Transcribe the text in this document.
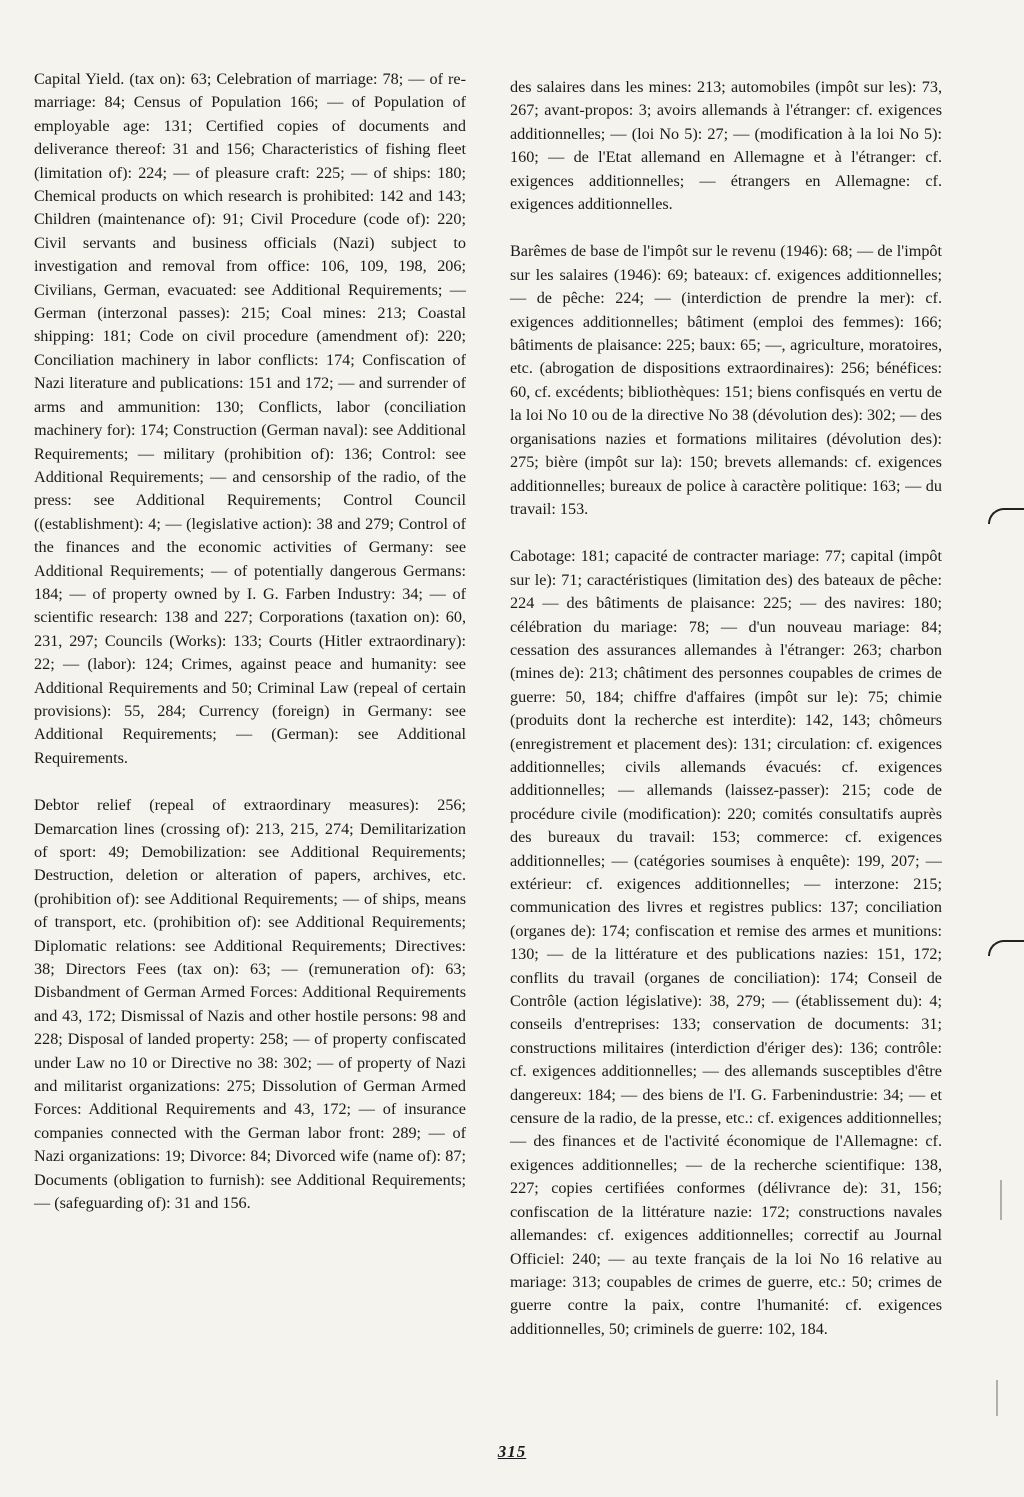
Capital Yield. (tax on): 63; Celebration of marriage: 78; — of re-marriage: 84; Census of Population 166; — of Population of employable age: 131; Certified copies of documents and deliverance thereof: 31 and 156; Characteristics of fishing fleet (limitation of): 224; — of pleasure craft: 225; — of ships: 180; Chemical products on which research is prohibited: 142 and 143; Children (maintenance of): 91; Civil Procedure (code of): 220; Civil servants and business officials (Nazi) subject to investigation and removal from office: 106, 109, 198, 206; Civilians, German, evacuated: see Additional Requirements; — German (interzonal passes): 215; Coal mines: 213; Coastal shipping: 181; Code on civil procedure (amendment of): 220; Conciliation machinery in labor conflicts: 174; Confiscation of Nazi literature and publications: 151 and 172; — and surrender of arms and ammunition: 130; Conflicts, labor (conciliation machinery for): 174; Construction (German naval): see Additional Requirements; — military (prohibition of): 136; Control: see Additional Requirements; — and censorship of the radio, of the press: see Additional Requirements; Control Council ((establishment): 4; — (legislative action): 38 and 279; Control of the finances and the economic activities of Germany: see Additional Requirements; — of potentially dangerous Germans: 184; — of property owned by I. G. Farben Industry: 34; — of scientific research: 138 and 227; Corporations (taxation on): 60, 231, 297; Councils (Works): 133; Courts (Hitler extraordinary): 22; — (labor): 124; Crimes, against peace and humanity: see Additional Requirements and 50; Criminal Law (repeal of certain provisions): 55, 284; Currency (foreign) in Germany: see Additional Requirements; — (German): see Additional Requirements.

Debtor relief (repeal of extraordinary measures): 256; Demarcation lines (crossing of): 213, 215, 274; Demilitarization of sport: 49; Demobilization: see Additional Requirements; Destruction, deletion or alteration of papers, archives, etc. (prohibition of): see Additional Requirements; — of ships, means of transport, etc. (prohibition of): see Additional Requirements; Diplomatic relations: see Additional Requirements; Directives: 38; Directors Fees (tax on): 63; — (remuneration of): 63; Disbandment of German Armed Forces: Additional Requirements and 43, 172; Dismissal of Nazis and other hostile persons: 98 and 228; Disposal of landed property: 258; — of property confiscated under Law no 10 or Directive no 38: 302; — of property of Nazi and militarist organizations: 275; Dissolution of German Armed Forces: Additional Requirements and 43, 172; — of insurance companies connected with the German labor front: 289; — of Nazi organizations: 19; Divorce: 84; Divorced wife (name of): 87; Documents (obligation to furnish): see Additional Requirements; — (safeguarding of): 31 and 156.

des salaires dans les mines: 213; automobiles (impôt sur les): 73, 267; avant-propos: 3; avoirs allemands à l'étranger: cf. exigences additionnelles; — (loi No 5): 27; — (modification à la loi No 5): 160; — de l'Etat allemand en Allemagne et à l'étranger: cf. exigences additionnelles; — étrangers en Allemagne: cf. exigences additionnelles.

Barêmes de base de l'impôt sur le revenu (1946): 68; — de l'impôt sur les salaires (1946): 69; bateaux: cf. exigences additionnelles; — de pêche: 224; — (interdiction de prendre la mer): cf. exigences additionnelles; bâtiment (emploi des femmes): 166; bâtiments de plaisance: 225; baux: 65; —, agriculture, moratoires, etc. (abrogation de dispositions extraordinaires): 256; bénéfices: 60, cf. excédents; bibliothèques: 151; biens confisqués en vertu de la loi No 10 ou de la directive No 38 (dévolution des): 302; — des organisations nazies et formations militaires (dévolution des): 275; bière (impôt sur la): 150; brevets allemands: cf. exigences additionnelles; bureaux de police à caractère politique: 163; — du travail: 153.

Cabotage: 181; capacité de contracter mariage: 77; capital (impôt sur le): 71; caractéristiques (limitation des) des bateaux de pêche: 224 — des bâtiments de plaisance: 225; — des navires: 180; célébration du mariage: 78; — d'un nouveau mariage: 84; cessation des assurances allemandes à l'étranger: 263; charbon (mines de): 213; châtiment des personnes coupables de crimes de guerre: 50, 184; chiffre d'affaires (impôt sur le): 75; chimie (produits dont la recherche est interdite): 142, 143; chômeurs (enregistrement et placement des): 131; circulation: cf. exigences additionnelles; civils allemands évacués: cf. exigences additionnelles; — allemands (laissez-passer): 215; code de procédure civile (modification): 220; comités consultatifs auprès des bureaux du travail: 153; commerce: cf. exigences additionnelles; — (catégories soumises à enquête): 199, 207; — extérieur: cf. exigences additionnelles; — interzone: 215; communication des livres et registres publics: 137; conciliation (organes de): 174; confiscation et remise des armes et munitions: 130; — de la littérature et des publications nazies: 151, 172; conflits du travail (organes de conciliation): 174; Conseil de Contrôle (action législative): 38, 279; — (établissement du): 4; conseils d'entreprises: 133; conservation de documents: 31; constructions militaires (interdiction d'ériger des): 136; contrôle: cf. exigences additionnelles; — des allemands susceptibles d'être dangereux: 184; — des biens de l'I. G. Farbenindustrie: 34; — et censure de la radio, de la presse, etc.: cf. exigences additionnelles; — des finances et de l'activité économique de l'Allemagne: cf. exigences additionnelles; — de la recherche scientifique: 138, 227; copies certifiées conformes (délivrance de): 31, 156; confiscation de la littérature nazie: 172; constructions navales allemandes: cf. exigences additionnelles; correctif au Journal Officiel: 240; — au texte français de la loi No 16 relative au mariage: 313; coupables de crimes de guerre, etc.: 50; crimes de guerre contre la paix, contre l'humanité: cf. exigences additionnelles, 50; criminels de guerre: 102, 184.

315
